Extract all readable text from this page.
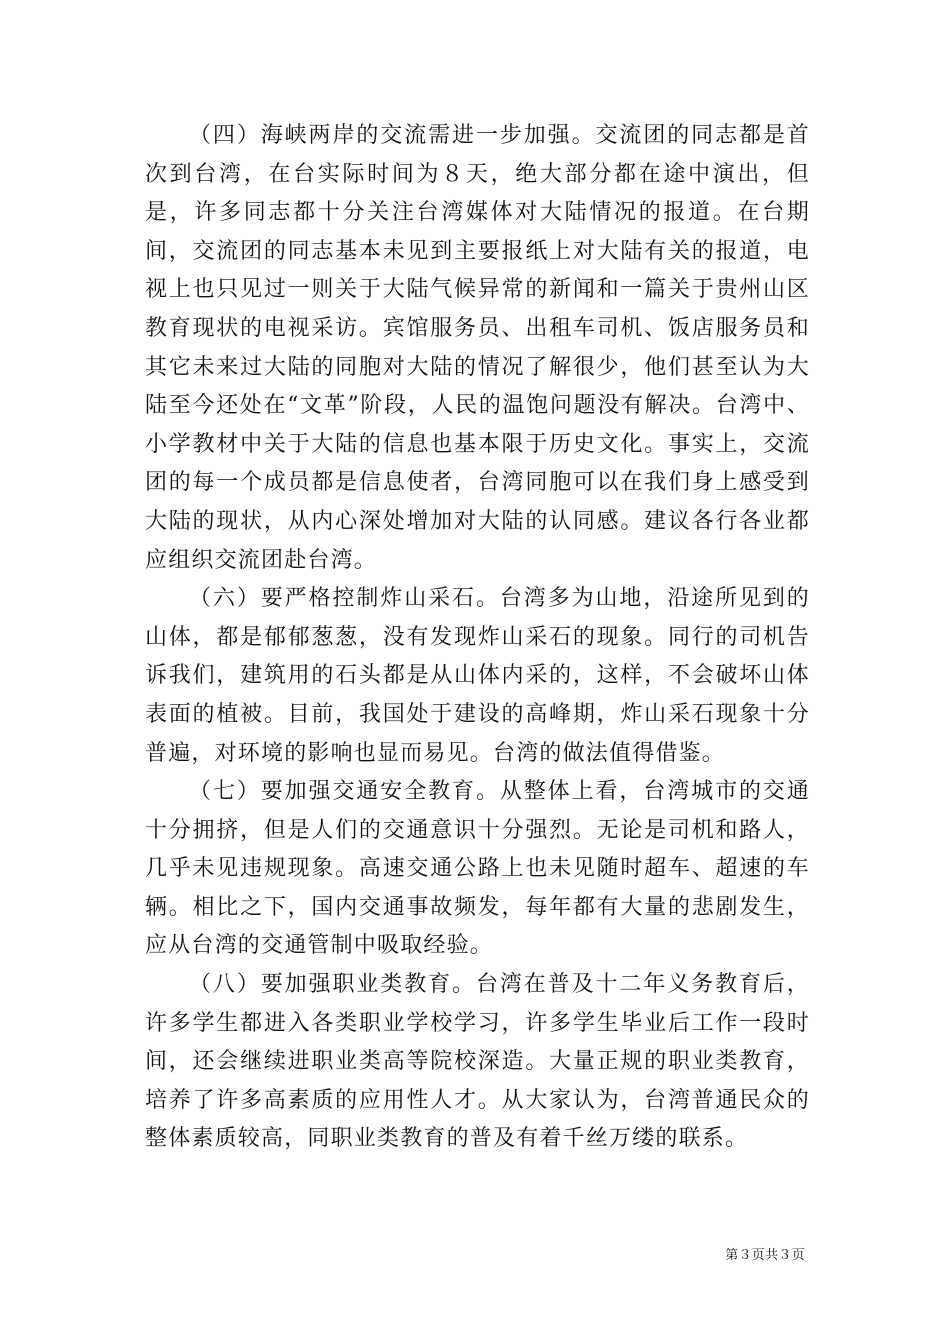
（四）海峡两岸的交流需进一步加强。交流团的同志都是首次到台湾，在台实际时间为８天，绝大部分都在途中演出，但是，许多同志都十分关注台湾媒体对大陆情况的报道。在台期间，交流团的同志基本未见到主要报纸上对大陆有关的报道，电视上也只见过一则关于大陆气候异常的新闻和一篇关于贵州山区教育现状的电视采访。宾馆服务员、出租车司机、饭店服务员和其它未来过大陆的同胞对大陆的情况了解很少，他们甚至认为大陆至今还处在“文革”阶段，人民的温饱问题没有解决。台湾中、小学教材中关于大陆的信息也基本限于历史文化。事实上，交流团的每一个成员都是信息使者，台湾同胞可以在我们身上感受到大陆的现状，从内心深处增加对大陆的认同感。建议各行各业都应组织交流团赴台湾。

（六）要严格控制炸山采石。台湾多为山地，沿途所见到的山体，都是郁郁葱葱，没有发现炸山采石的现象。同行的司机告诉我们，建筑用的石头都是从山体内采的，这样，不会破坏山体表面的植被。目前，我国处于建设的高峰期，炸山采石现象十分普遍，对环境的影响也显而易见。台湾的做法值得借鉴。

（七）要加强交通安全教育。从整体上看，台湾城市的交通十分拥挤，但是人们的交通意识十分强烈。无论是司机和路人，几乎未见违规现象。高速交通公路上也未见随时超车、超速的车辆。相比之下，国内交通事故频发，每年都有大量的悲剧发生，应从台湾的交通管制中吸取经验。

（八）要加强职业类教育。台湾在普及十二年义务教育后，许多学生都进入各类职业学校学习，许多学生毕业后工作一段时间，还会继续进职业类高等院校深造。大量正规的职业类教育，培养了许多高素质的应用性人才。从大家认为，台湾普通民众的整体素质较高，同职业类教育的普及有着千丝万缕的联系。

第３页共３页
